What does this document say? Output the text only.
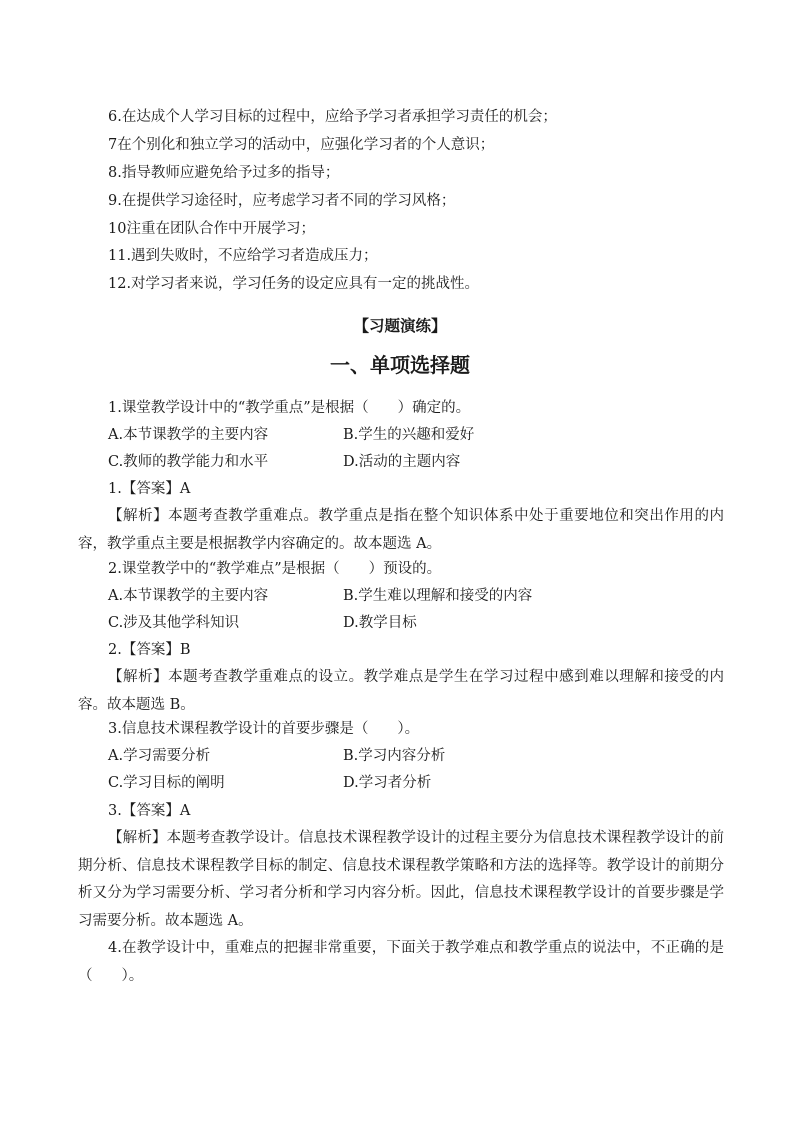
6.在达成个人学习目标的过程中，应给予学习者承担学习责任的机会；
7在个别化和独立学习的活动中，应强化学习者的个人意识；
8.指导教师应避免给予过多的指导；
9.在提供学习途径时，应考虑学习者不同的学习风格；
10注重在团队合作中开展学习；
11.遇到失败时，不应给学习者造成压力；
12.对学习者来说，学习任务的设定应具有一定的挑战性。
【习题演练】
一、单项选择题
1.课堂教学设计中的“教学重点”是根据（　　）确定的。
A.本节课教学的主要内容	B.学生的兴趣和爱好
C.教师的教学能力和水平	D.活动的主题内容
1.【答案】A
【解析】本题考查教学重难点。教学重点是指在整个知识体系中处于重要地位和突出作用的内容，教学重点主要是根据教学内容确定的。故本题选 A。
2.课堂教学中的“教学难点”是根据（　　）预设的。
A.本节课教学的主要内容	B.学生难以理解和接受的内容
C.涉及其他学科知识	D.教学目标
2.【答案】B
【解析】本题考查教学重难点的设立。教学难点是学生在学习过程中感到难以理解和接受的内容。故本题选 B。
3.信息技术课程教学设计的首要步骤是（　　）。
A.学习需要分析	B.学习内容分析
C.学习目标的阐明	D.学习者分析
3.【答案】A
【解析】本题考查教学设计。信息技术课程教学设计的过程主要分为信息技术课程教学设计的前期分析、信息技术课程教学目标的制定、信息技术课程教学策略和方法的选择等。教学设计的前期分析又分为学习需要分析、学习者分析和学习内容分析。因此，信息技术课程教学设计的首要步骤是学习需要分析。故本题选 A。
4.在教学设计中，重难点的把握非常重要，下面关于教学难点和教学重点的说法中，不正确的是（　　）。
